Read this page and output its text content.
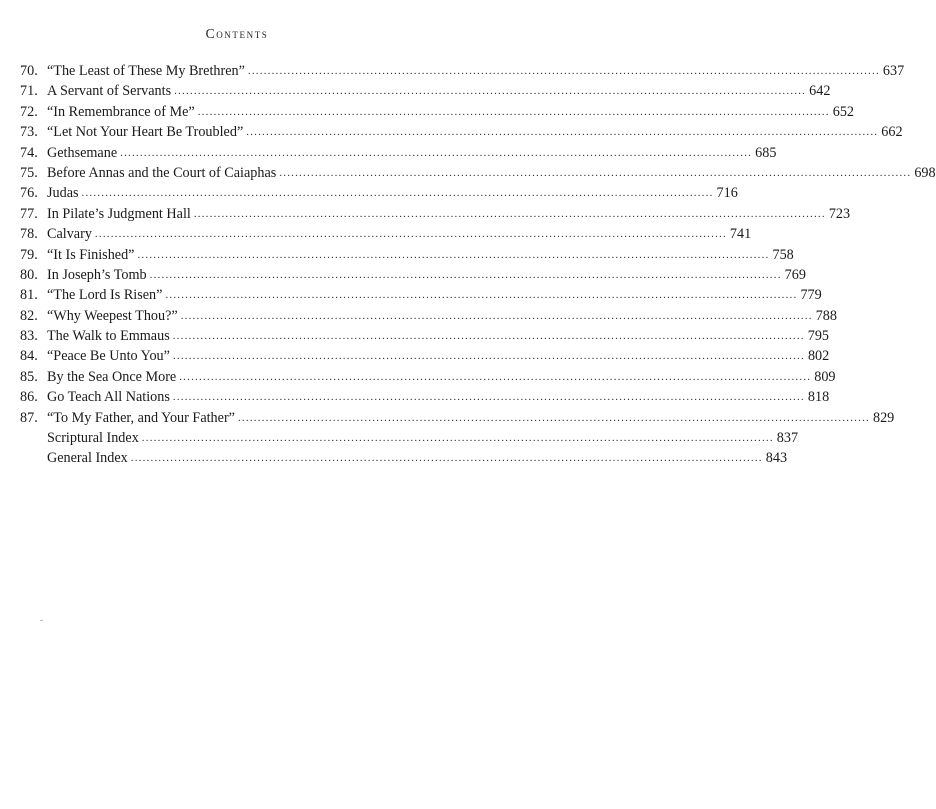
Contents
70. “The Least of These My Brethren” ................................................................................................................................................................ 637
71. A Servant of Servants ................................................................................................................................................................ 642
72. “In Remembrance of Me” ................................................................................................................................................................ 652
73. “Let Not Your Heart Be Troubled” ................................................................................................................................................................ 662
74. Gethsemane ................................................................................................................................................................ 685
75. Before Annas and the Court of Caiaphas ................................................................................................................................................................ 698
76. Judas ................................................................................................................................................................ 716
77. In Pilate’s Judgment Hall ................................................................................................................................................................ 723
78. Calvary ................................................................................................................................................................ 741
79. “It Is Finished” ................................................................................................................................................................ 758
80. In Joseph’s Tomb ................................................................................................................................................................ 769
81. “The Lord Is Risen” ................................................................................................................................................................ 779
82. “Why Weepest Thou?” ................................................................................................................................................................ 788
83. The Walk to Emmaus ................................................................................................................................................................ 795
84. “Peace Be Unto You” ................................................................................................................................................................ 802
85. By the Sea Once More ................................................................................................................................................................ 809
86. Go Teach All Nations ................................................................................................................................................................ 818
87. “To My Father, and Your Father” ................................................................................................................................................................ 829
Scriptural Index ................................................................................................................................................................ 837
General Index ................................................................................................................................................................ 843
